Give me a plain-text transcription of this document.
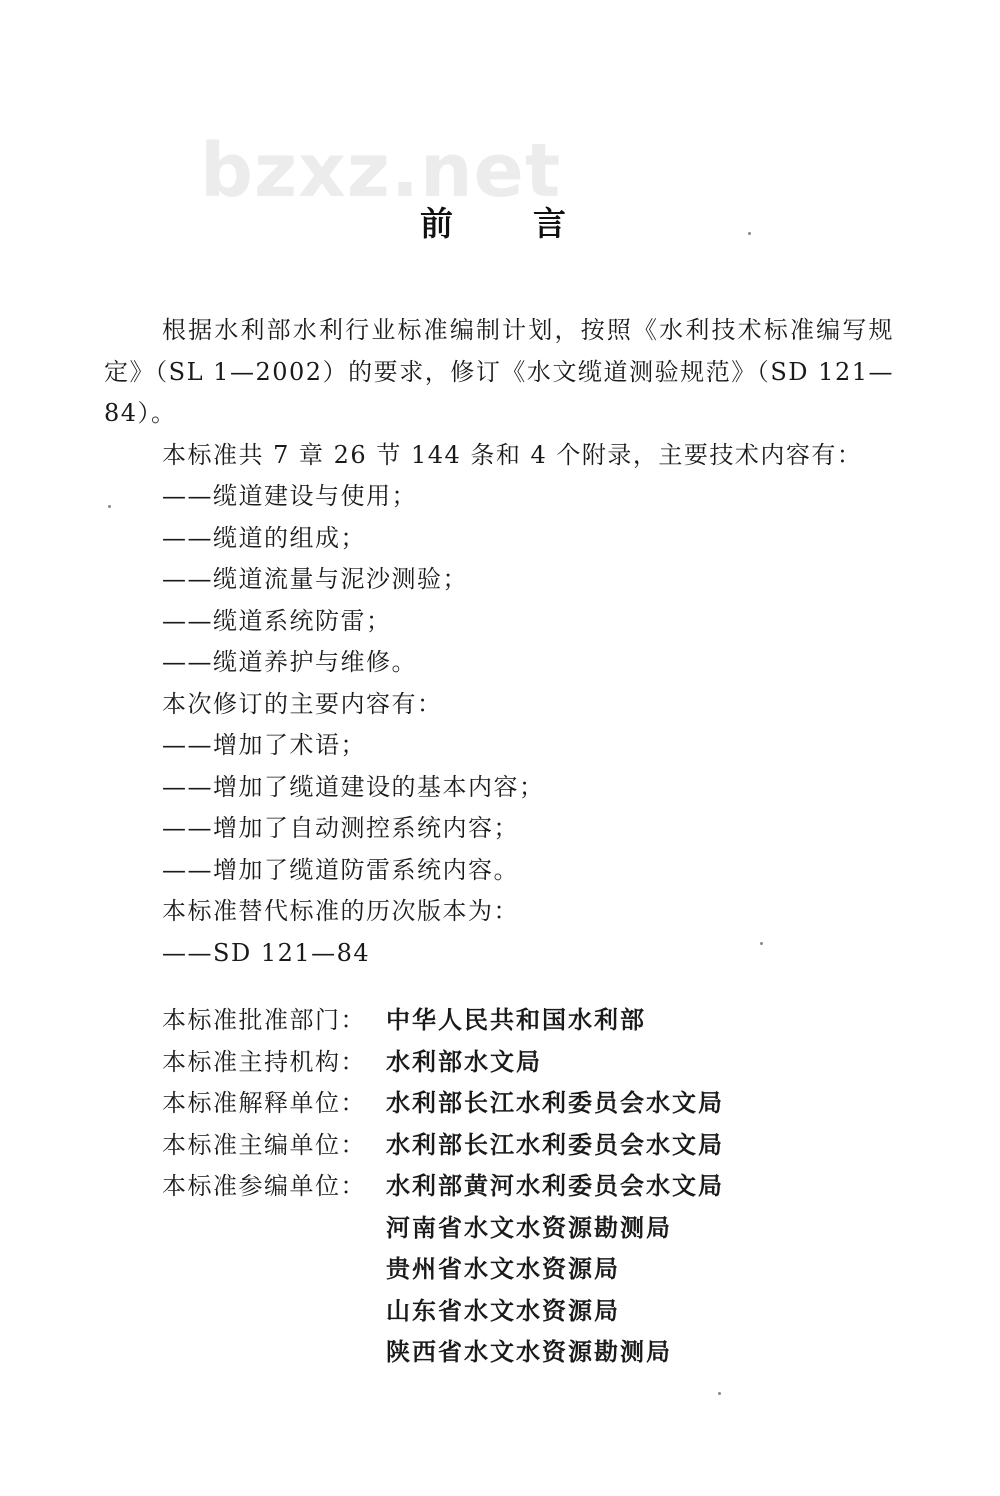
bzxz.net
前言

根据水利部水利行业标准编制计划，按照《水利技术标准编写规定》（SL 1—2002）的要求，修订《水文缆道测验规范》（SD 121—84）。

本标准共 7 章 26 节 144 条和 4 个附录，主要技术内容有：

——缆道建设与使用；

——缆道的组成；

——缆道流量与泥沙测验；

——缆道系统防雷；

——缆道养护与维修。

本次修订的主要内容有：

——增加了术语；

——增加了缆道建设的基本内容；

——增加了自动测控系统内容；

——增加了缆道防雷系统内容。

本标准替代标准的历次版本为：

——SD 121—84

本标准批准部门： 中华人民共和国水利部
本标准主持机构： 水利部水文局
本标准解释单位： 水利部长江水利委员会水文局
本标准主编单位： 水利部长江水利委员会水文局
本标准参编单位： 水利部黄河水利委员会水文局
河南省水文水资源勘测局
贵州省水文水资源局
山东省水文水资源局
陕西省水文水资源勘测局
